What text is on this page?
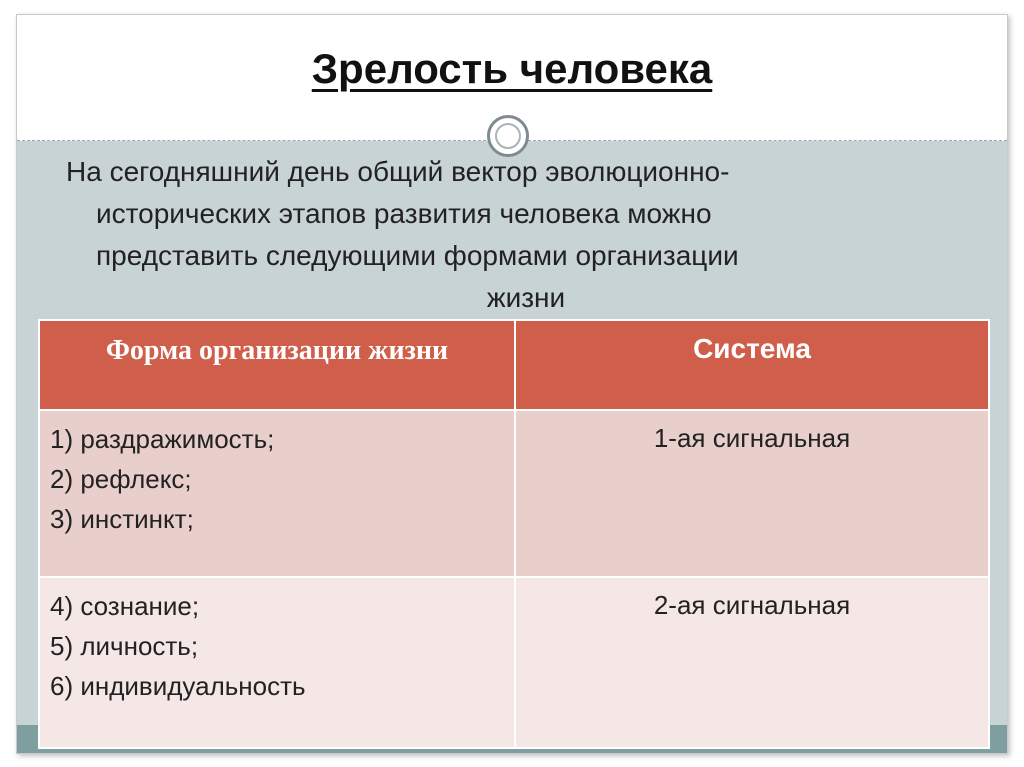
Зрелость человека

На сегодняшний день общий вектор эволюционно-

исторических этапов развития человека можно

представить следующими формами организации

жизни

Форма организации жизни	Система

1) раздражимость;
2) рефлекс;
3) инстинкт;	1-ая сигнальная

4) сознание;
5) личность;
6) индивидуальность	2-ая сигнальная
